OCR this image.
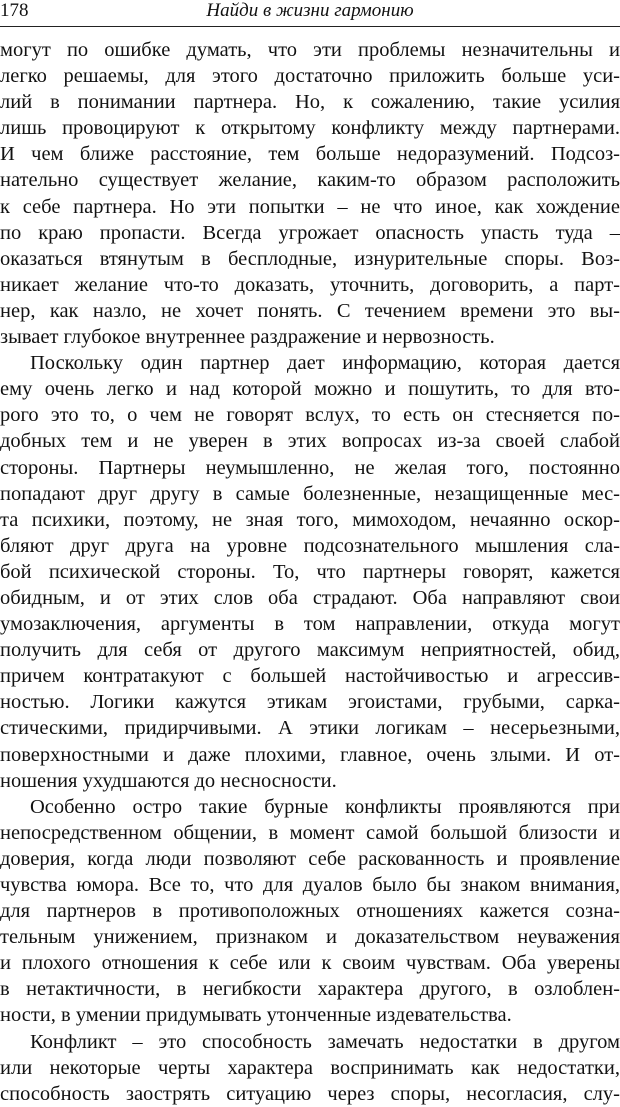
178	Найди в жизни гармонию
могут по ошибке думать, что эти проблемы незначительны и
легко решаемы, для этого достаточно приложить больше уси-
лий в понимании партнера. Но, к сожалению, такие усилия
лишь провоцируют к открытому конфликту между партнерами.
И чем ближе расстояние, тем больше недоразумений. Подсоз-
нательно существует желание, каким-то образом расположить
к себе партнера. Но эти попытки – не что иное, как хождение
по краю пропасти. Всегда угрожает опасность упасть туда –
оказаться втянутым в бесплодные, изнурительные споры. Воз-
никает желание что-то доказать, уточнить, договорить, а парт-
нер, как назло, не хочет понять. С течением времени это вы-
зывает глубокое внутреннее раздражение и нервозность.
Поскольку один партнер дает информацию, которая дается
ему очень легко и над которой можно и пошутить, то для вто-
рого это то, о чем не говорят вслух, то есть он стесняется по-
добных тем и не уверен в этих вопросах из-за своей слабой
стороны. Партнеры неумышленно, не желая того, постоянно
попадают друг другу в самые болезненные, незащищенные мес-
та психики, поэтому, не зная того, мимоходом, нечаянно оскор-
бляют друг друга на уровне подсознательного мышления сла-
бой психической стороны. То, что партнеры говорят, кажется
обидным, и от этих слов оба страдают. Оба направляют свои
умозаключения, аргументы в том направлении, откуда могут
получить для себя от другого максимум неприятностей, обид,
причем контратакуют с большей настойчивостью и агрессив-
ностью. Логики кажутся этикам эгоистами, грубыми, сарка-
стическими, придирчивыми. А этики логикам – несерьезными,
поверхностными и даже плохими, главное, очень злыми. И от-
ношения ухудшаются до несносности.
Особенно остро такие бурные конфликты проявляются при
непосредственном общении, в момент самой большой близости и
доверия, когда люди позволяют себе раскованность и проявление
чувства юмора. Все то, что для дуалов было бы знаком внимания,
для партнеров в противоположных отношениях кажется сознa-
тельным унижением, признаком и доказательством неуважения
и плохого отношения к себе или к своим чувствам. Оба уверены
в нетактичности, в негибкости характера другого, в озлоблен-
ности, в умении придумывать утонченные издевательства.
Конфликт – это способность замечать недостатки в другом
или некоторые черты характера воспринимать как недостатки,
способность заострять ситуацию через споры, несогласия, слу-
